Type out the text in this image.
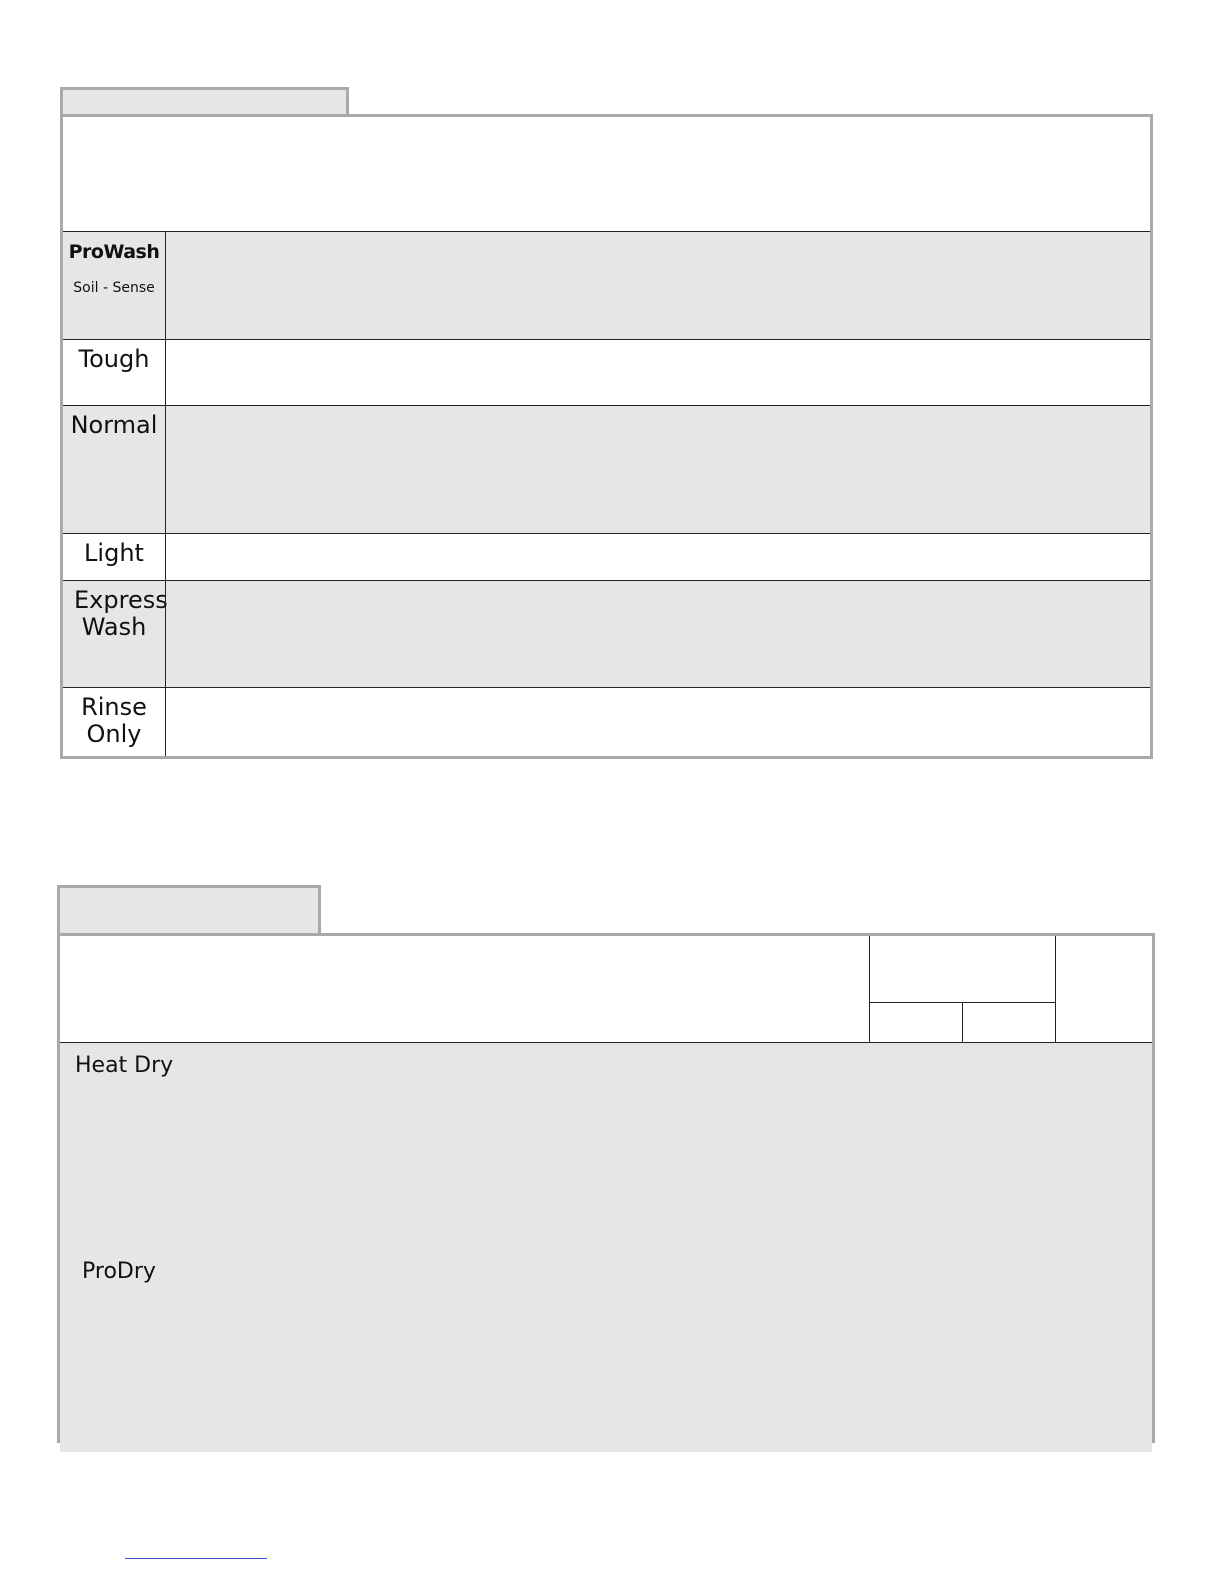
ProWash
Soil - Sense
Tough
Normal
Light
Express Wash
Rinse Only
Heat Dry
ProDry
